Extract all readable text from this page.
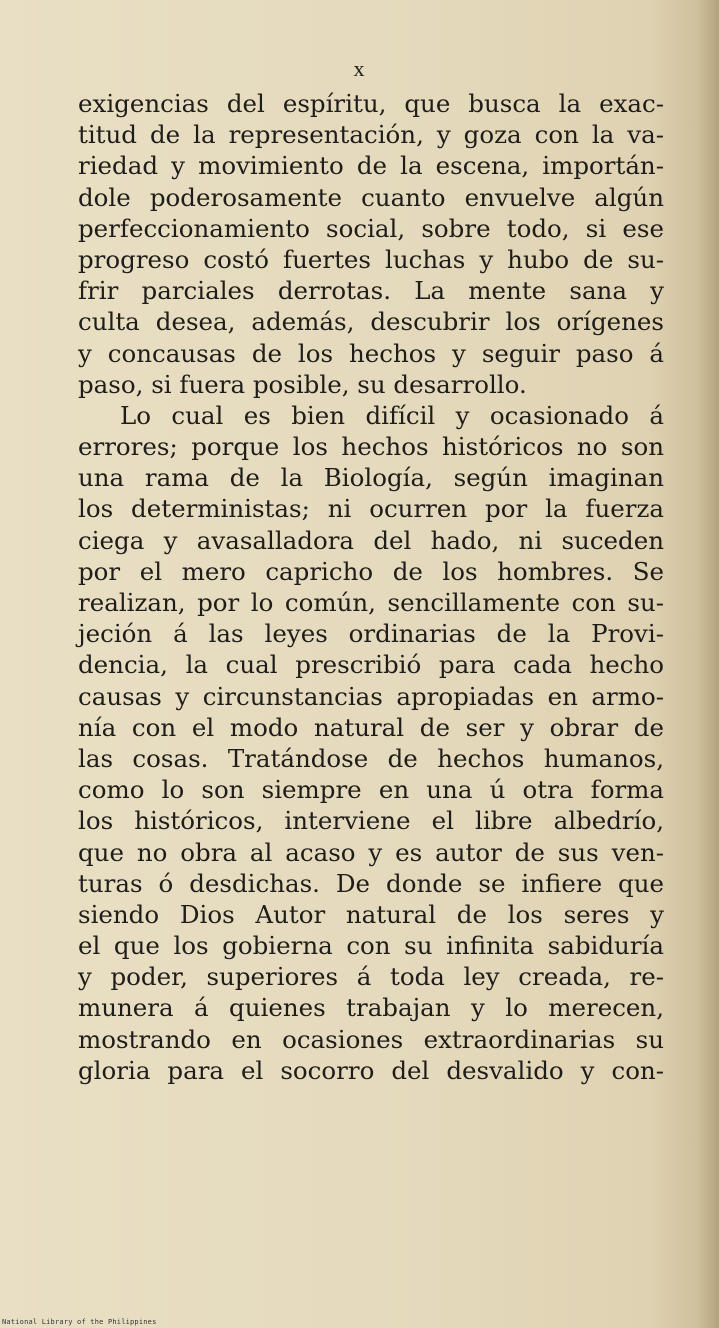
x
exigencias del espíritu, que busca la exac-
titud de la representación, y goza con la va-
riedad y movimiento de la escena, importán-
dole poderosamente cuanto envuelve algún
perfeccionamiento social, sobre todo, si ese
progreso costó fuertes luchas y hubo de su-
frir parciales derrotas. La mente sana y
culta desea, además, descubrir los orígenes
y concausas de los hechos y seguir paso á
paso, si fuera posible, su desarrollo.
Lo cual es bien difícil y ocasionado á
errores; porque los hechos históricos no son
una rama de la Biología, según imaginan
los deterministas; ni ocurren por la fuerza
ciega y avasalladora del hado, ni suceden
por el mero capricho de los hombres. Se
realizan, por lo común, sencillamente con su-
jeción á las leyes ordinarias de la Provi-
dencia, la cual prescribió para cada hecho
causas y circunstancias apropiadas en armo-
nía con el modo natural de ser y obrar de
las cosas. Tratándose de hechos humanos,
como lo son siempre en una ú otra forma
los históricos, interviene el libre albedrío,
que no obra al acaso y es autor de sus ven-
turas ó desdichas. De donde se infiere que
siendo Dios Autor natural de los seres y
el que los gobierna con su infinita sabiduría
y poder, superiores á toda ley creada, re-
munera á quienes trabajan y lo merecen,
mostrando en ocasiones extraordinarias su
gloria para el socorro del desvalido y con-
National Library of the Philippines
